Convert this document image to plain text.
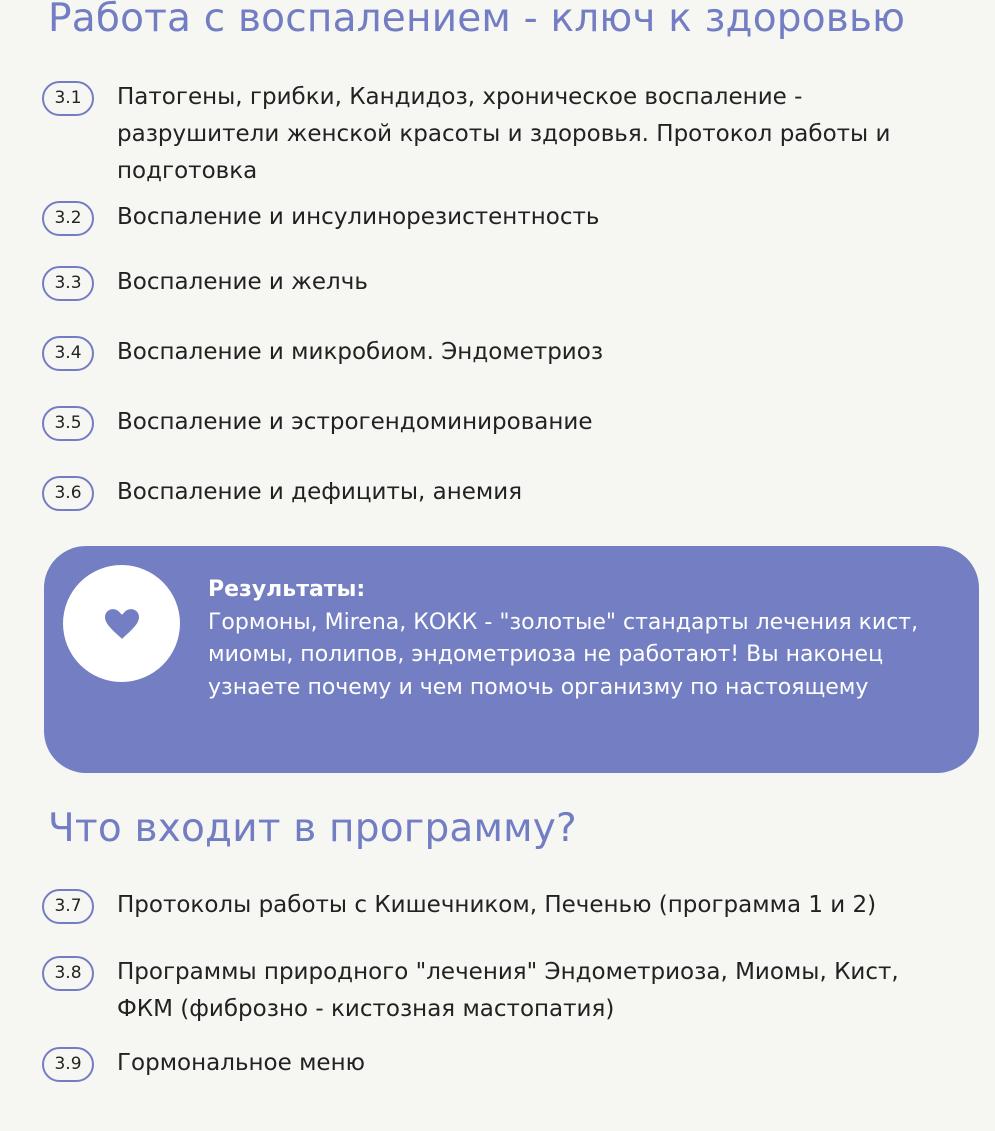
Работа с воспалением - ключ к здоровью
3.1	Патогены, грибки, Кандидоз, хроническое воспаление - разрушители женской красоты и здоровья. Протокол работы и подготовка
3.2	Воспаление и инсулинорезистентность
3.3	Воспаление и желчь
3.4	Воспаление и микробиом. Эндометриоз
3.5	Воспаление и эстрогендоминирование
3.6	Воспаление и дефициты, анемия
Результаты:
Гормоны, Mirena, КОКК - "золотые" стандарты лечения кист, миомы, полипов, эндометриоза не работают! Вы наконец узнаете почему и чем помочь организму по настоящему
Что входит в программу?
3.7	Протоколы работы с Кишечником, Печенью (программа 1 и 2)
3.8	Программы природного "лечения" Эндометриоза, Миомы, Кист, ФКМ (фиброзно - кистозная мастопатия)
3.9	Гормональное меню
